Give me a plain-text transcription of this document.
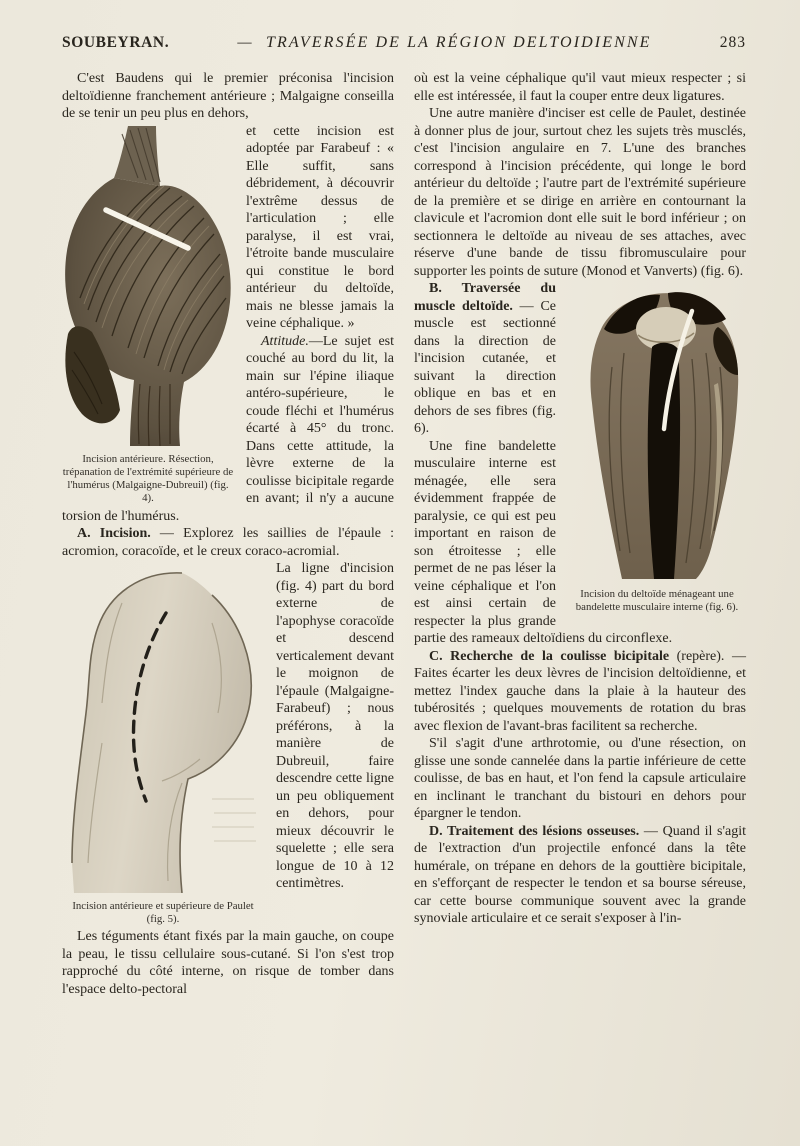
SOUBEYRAN.	— TRAVERSÉE DE LA RÉGION DELTOIDIENNE	283

C'est Baudens qui le premier préconisa l'incision deltoïdienne franchement antérieure ; Malgaigne conseilla de se tenir un peu plus en dehors,

Incision antérieure. Résection, trépanation de l'extrémité supérieure de l'humérus (Malgaigne-Dubreuil) (fig. 4).

et cette incision est adoptée par Farabeuf : « Elle suffit, sans débridement, à découvrir l'extrême dessus de l'articulation ; elle paralyse, il est vrai, l'étroite bande musculaire qui constitue le bord antérieur du deltoïde, mais ne blesse jamais la veine céphalique. »

Attitude.—Le sujet est couché au bord du lit, la main sur l'épine iliaque antéro-supérieure, le coude fléchi et l'humérus écarté à 45° du tronc. Dans cette attitude, la lèvre externe de la coulisse bicipitale regarde en avant; il n'y a aucune torsion de l'humérus.

A. Incision. — Explorez les saillies de l'épaule : acromion, coracoïde, et le creux coraco-acromial.

Incision antérieure et supérieure de Paulet (fig. 5).

La ligne d'incision (fig. 4) part du bord externe de l'apophyse coracoïde et descend verticalement devant le moignon de l'épaule (Malgaigne-Farabeuf) ; nous préférons, à la manière de Dubreuil, faire descendre cette ligne un peu obliquement en dehors, pour mieux découvrir le squelette ; elle sera longue de 10 à 12 centimètres.

Les téguments étant fixés par la main gauche, on coupe la peau, le tissu cellulaire sous-cutané. Si l'on s'est trop rapproché du côté interne, on risque de tomber dans l'espace delto-pectoral

où est la veine céphalique qu'il vaut mieux respecter ; si elle est intéressée, il faut la couper entre deux ligatures.

Une autre manière d'inciser est celle de Paulet, destinée à donner plus de jour, surtout chez les sujets très musclés, c'est l'incision angulaire en 7. L'une des branches correspond à l'incision précédente, qui longe le bord antérieur du deltoïde ; l'autre part de l'extrémité supérieure de la première et se dirige en arrière en contournant la clavicule et l'acromion dont elle suit le bord inférieur ; on sectionnera le deltoïde au niveau de ses attaches, avec réserve d'une bande de tissu fibromusculaire pour supporter les points de suture (Monod et Vanverts) (fig. 6).

Incision du deltoïde ménageant une bandelette musculaire interne (fig. 6).

B. Traversée du muscle deltoïde. — Ce muscle est sectionné dans la direction de l'incision cutanée, et suivant la direction oblique en bas et en dehors de ses fibres (fig. 6).

Une fine bandelette musculaire interne est ménagée, elle sera évidemment frappée de paralysie, ce qui est peu important en raison de son étroitesse ; elle permet de ne pas léser la veine céphalique et l'on est ainsi certain de respecter la plus grande partie des rameaux deltoïdiens du circonflexe.

C. Recherche de la coulisse bicipitale (repère). — Faites écarter les deux lèvres de l'incision deltoïdienne, et mettez l'index gauche dans la plaie à la hauteur des tubérosités ; quelques mouvements de rotation du bras avec flexion de l'avant-bras facilitent sa recherche.

S'il s'agit d'une arthrotomie, ou d'une résection, on glisse une sonde cannelée dans la partie inférieure de cette coulisse, de bas en haut, et l'on fend la capsule articulaire en inclinant le tranchant du bistouri en dehors pour épargner le tendon.

D. Traitement des lésions osseuses. — Quand il s'agit de l'extraction d'un projectile enfoncé dans la tête humérale, on trépane en dehors de la gouttière bicipitale, en s'efforçant de respecter le tendon et sa bourse séreuse, car cette bourse communique souvent avec la grande synoviale articulaire et ce serait s'exposer à l'in-
